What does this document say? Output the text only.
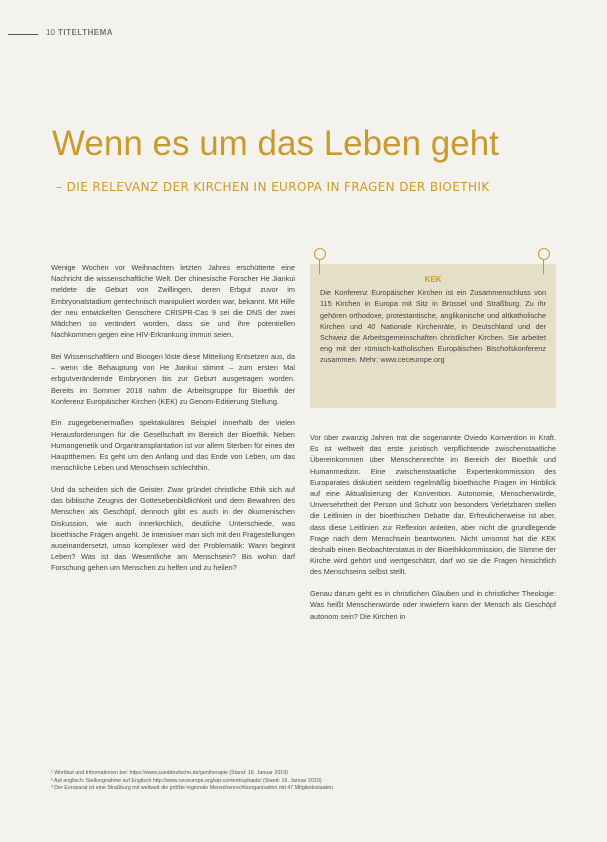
10 TITELTHEMA
Wenn es um das Leben geht
– DIE RELEVANZ DER KIRCHEN IN EUROPA IN FRAGEN DER BIOETHIK

Wenige Wochen vor Weihnachten letzten Jahres erschütterte eine Nachricht die wissenschaftliche Welt. Der chinesische Forscher He Jiankui meldete die Geburt von Zwillingen, deren Erbgut zuvor im Embryonalstadium gentechnisch manipuliert worden war, bekannt. Mit Hilfe der neu entwickelten Genschere CRISPR-Cas 9 sei die DNS der zwei Mädchen so verändert worden, dass sie und ihre potentiellen Nachkommen gegen eine HIV-Erkrankung immun seien.

Bei Wissenschaftlern und Bioogen löste diese Mitteilung Entsetzen aus, da – wenn die Behauptung von He Jiankui stimmt – zum ersten Mal erbgutverändernde Embryonen bis zur Geburt ausgetragen worden. Bereits im Sommer 2018 nahm die Arbeitsgruppe für Bioethik der Konferenz Europäischer Kirchen (KEK) zu Genom-Editierung Stellung.

Ein zugegebenermaßen spektakuläres Beispiel innerhalb der vielen Herausforderungen für die Gesellschaft im Bereich der Bioethik. Neben Humangenetik und Organtransplantation ist vor allem Sterben für eines der Hauptthemen. Es geht um den Anfang und das Ende von Leben, um das menschliche Leben und Menschsein schlechthin.

Und da scheiden sich die Geister. Zwar gründet christliche Ethik sich auf das biblische Zeugnis der Gottesebenbildlichkeit und dem Bewahren des Menschen als Geschöpf, dennoch gibt es auch in der ökumenischen Diskussion, wie auch innerkirchlich, deutliche Unterschiede, was bioethische Fragen angeht. Je intensiver man sich mit den Fragestellungen auseinandersetzt, umso komplexer wird der Problematik: Wann beginnt Leben? Was ist das Wesentliche am Menschsein? Bis wohin darf Forschung gehen um Menschen zu helfen und zu heilen?

KEK
Die Konferenz Europäischer Kirchen ist ein Zusammenschluss von 115 Kirchen in Europa mit Sitz in Brüssel und Straßburg. Zu ihr gehören orthodoxe, protestantische, anglikanische und altkatholische Kirchen und 40 Nationale Kirchenräte, in Deutschland und der Schweiz die Arbeitsgemeinschaften christlicher Kirchen. Sie arbeitet eng mit der römisch-katholischen Europäischen Bischofskonferenz zusammen. Mehr: www.ceceurope.org

Vor über zwanzig Jahren trat die sogenannte Oviedo Konvention in Kraft. Es ist weltweit das erste juristisch verpflichtende zwischenstaatliche Übereinkommen über Menschenrechte im Bereich der Bioethik und Humanmedizin. Eine zwischenstaatliche Expertenkommission des Europarates diskutiert seitdem regelmäßig bioethische Fragen im Hinblick auf eine Aktualisierung der Konvention. Autonomie, Menschenwürde, Unversehrtheit der Person und Schutz von besonders Verletzbaren stellen die Leitlinien in der bioethischen Debatte dar. Erfreulicherweise ist aber, dass diese Leitlinien zur Reflexion anleiten, aber nicht die grundlegende Frage nach dem Menschsein beantworten. Nicht umsonst hat die KEK deshalb einen Beobachterstatus in der Bioethikkommission, die Stimme der Kirche wird gehört und wertgeschätzt, darf wo sie die Fragen hinsichtlich des Menschseins selbst stellt.

Genau darum geht es in christlichen Glauben und in christlicher Theologie: Was heißt Menschenwürde oder inwiefern kann der Mensch als Geschöpf autonom sein? Die Kirchen in

¹ Wortlaut und Informationen bei: https://www.sueddeutsche.de/gentherapie (Stand: 16. Januar 2019)
² Auf englisch: Stellungnahme auf Englisch http://www.ceceurope.org/wp-content/uploads/ (Stand: 16. Januar 2019)
³ Der Europarat ist eine Straßburg mit weltweit die größte regionale Menschenrechtsorganisation mit 47 Mitgliedsstaaten.
